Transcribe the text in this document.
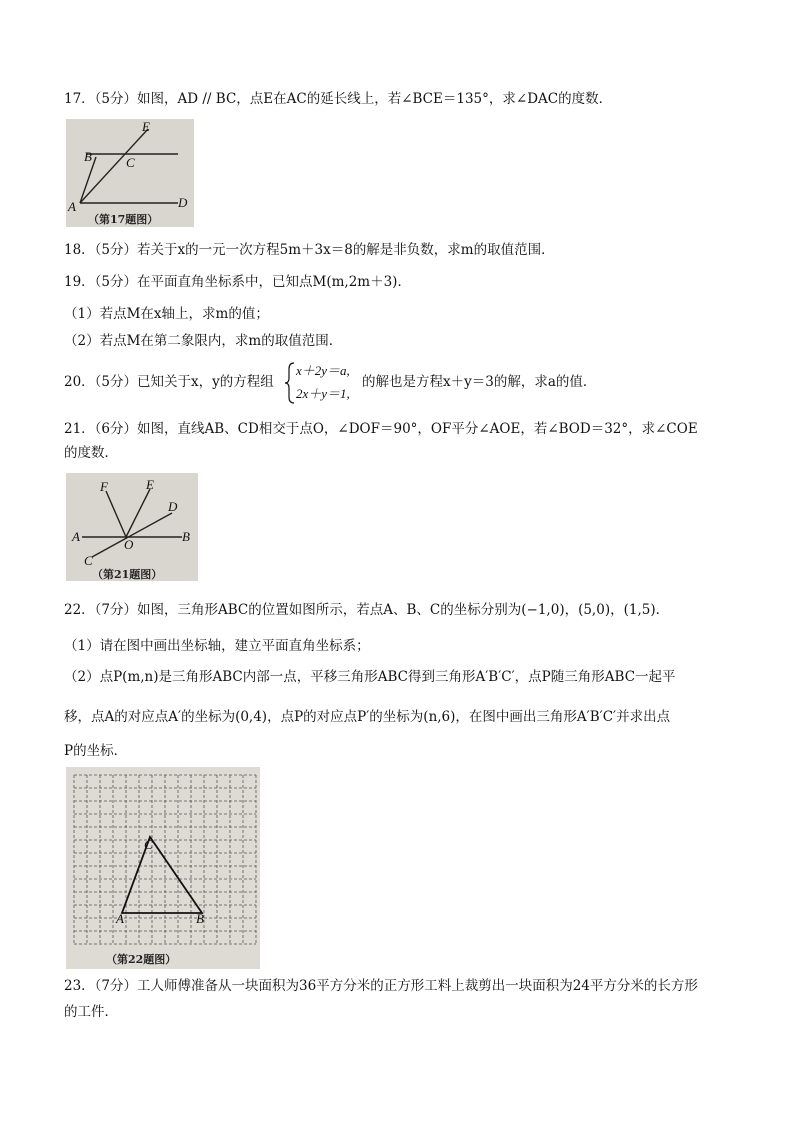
17．（5分）如图，AD // BC，点E在AC的延长线上，若∠BCE＝135°，求∠DAC的度数．
E
B	C
A	D
（第17题图）
18．（5分）若关于x的一元一次方程5m＋3x＝8的解是非负数，求m的取值范围．
19．（5分）在平面直角坐标系中，已知点M(m,2m＋3)．
（1）若点M在x轴上，求m的值；
（2）若点M在第二象限内，求m的取值范围．
20．（5分）已知关于x，y的方程组
x＋2y＝a,
2x＋y＝1,
的解也是方程x＋y＝3的解，求a的值．
21．（6分）如图，直线AB、CD相交于点O，∠DOF＝90°，OF平分∠AOE，若∠BOD＝32°，求∠COE
的度数．
F	E
D
A
O
B
C
（第21题图）
22．（7分）如图，三角形ABC的位置如图所示，若点A、B、C的坐标分别为(−1,0)，(5,0)，(1,5)．
（1）请在图中画出坐标轴，建立平面直角坐标系；
（2）点P(m,n)是三角形ABC内部一点，平移三角形ABC得到三角形A′B′C′，点P随三角形ABC一起平
移，点A的对应点A′的坐标为(0,4)，点P的对应点P′的坐标为(n,6)，在图中画出三角形A′B′C′并求出点
P的坐标．
C
A	B
（第22题图）
23．（7分）工人师傅准备从一块面积为36平方分米的正方形工料上裁剪出一块面积为24平方分米的长方形
的工件．
